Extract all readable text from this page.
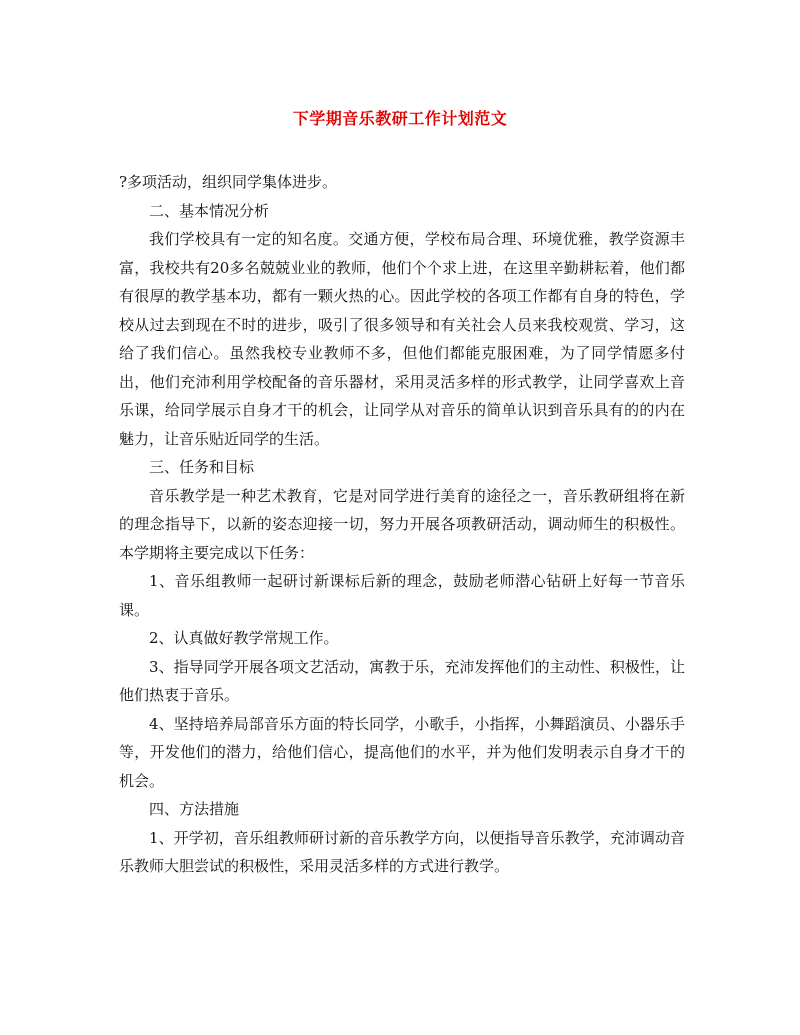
下学期音乐教研工作计划范文

?多项活动，组织同学集体进步。

二、基本情况分析

我们学校具有一定的知名度。交通方便，学校布局合理、环境优雅，教学资源丰富，我校共有20多名兢兢业业的教师，他们个个求上进，在这里辛勤耕耘着，他们都有很厚的教学基本功，都有一颗火热的心。因此学校的各项工作都有自身的特色，学校从过去到现在不时的进步，吸引了很多领导和有关社会人员来我校观赏、学习，这给了我们信心。虽然我校专业教师不多，但他们都能克服困难，为了同学情愿多付出，他们充沛利用学校配备的音乐器材，采用灵活多样的形式教学，让同学喜欢上音乐课，给同学展示自身才干的机会，让同学从对音乐的简单认识到音乐具有的的内在魅力，让音乐贴近同学的生活。

三、任务和目标

音乐教学是一种艺术教育，它是对同学进行美育的途径之一，音乐教研组将在新的理念指导下，以新的姿态迎接一切，努力开展各项教研活动，调动师生的积极性。本学期将主要完成以下任务：

1、音乐组教师一起研讨新课标后新的理念，鼓励老师潜心钻研上好每一节音乐课。

2、认真做好教学常规工作。

3、指导同学开展各项文艺活动，寓教于乐，充沛发挥他们的主动性、积极性，让他们热衷于音乐。

4、坚持培养局部音乐方面的特长同学，小歌手，小指挥，小舞蹈演员、小器乐手等，开发他们的潜力，给他们信心，提高他们的水平，并为他们发明表示自身才干的机会。

四、方法措施

1、开学初，音乐组教师研讨新的音乐教学方向，以便指导音乐教学，充沛调动音乐教师大胆尝试的积极性，采用灵活多样的方式进行教学。
